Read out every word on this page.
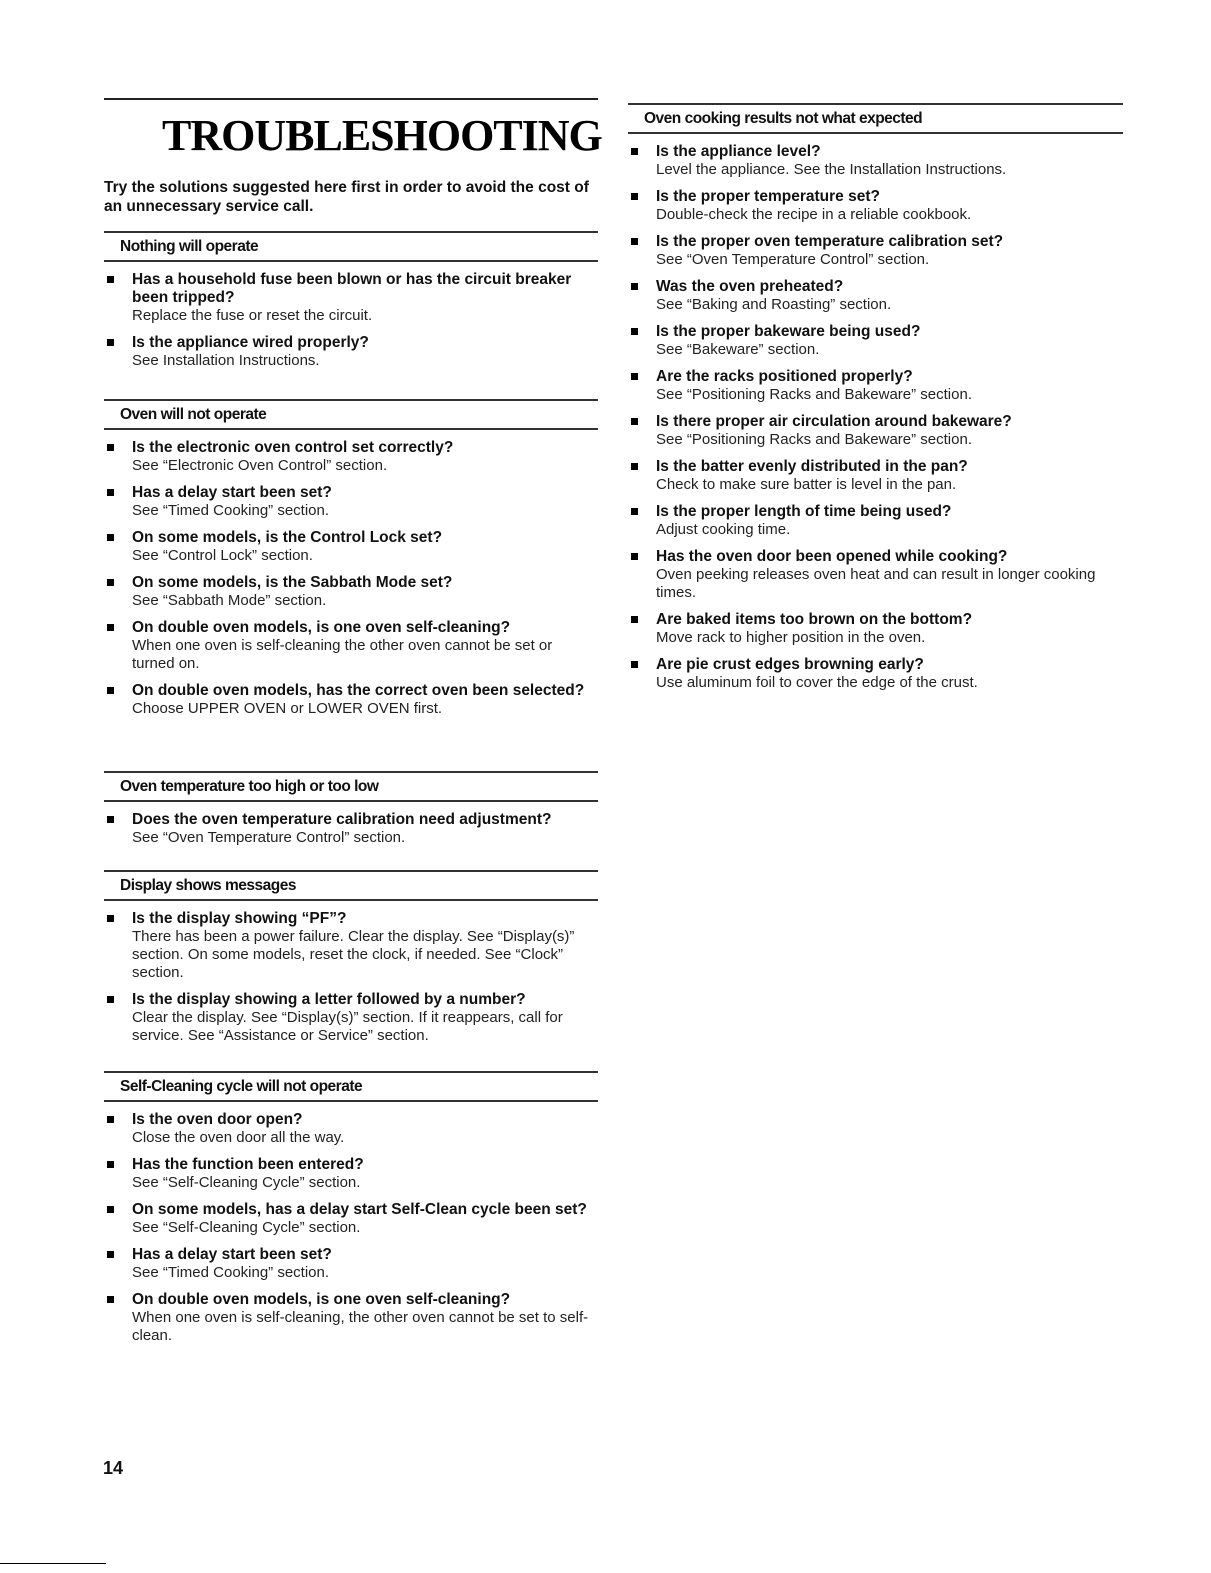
TROUBLESHOOTING
Try the solutions suggested here first in order to avoid the cost of an unnecessary service call.
Nothing will operate
Has a household fuse been blown or has the circuit breaker been tripped?
Replace the fuse or reset the circuit.
Is the appliance wired properly?
See Installation Instructions.
Oven will not operate
Is the electronic oven control set correctly?
See “Electronic Oven Control” section.
Has a delay start been set?
See “Timed Cooking” section.
On some models, is the Control Lock set?
See “Control Lock” section.
On some models, is the Sabbath Mode set?
See “Sabbath Mode” section.
On double oven models, is one oven self-cleaning?
When one oven is self-cleaning the other oven cannot be set or turned on.
On double oven models, has the correct oven been selected?
Choose UPPER OVEN or LOWER OVEN first.
Oven temperature too high or too low
Does the oven temperature calibration need adjustment?
See “Oven Temperature Control” section.
Display shows messages
Is the display showing “PF”?
There has been a power failure. Clear the display. See “Display(s)” section. On some models, reset the clock, if needed. See “Clock” section.
Is the display showing a letter followed by a number?
Clear the display. See “Display(s)” section. If it reappears, call for service. See “Assistance or Service” section.
Self-Cleaning cycle will not operate
Is the oven door open?
Close the oven door all the way.
Has the function been entered?
See “Self-Cleaning Cycle” section.
On some models, has a delay start Self-Clean cycle been set?
See “Self-Cleaning Cycle” section.
Has a delay start been set?
See “Timed Cooking” section.
On double oven models, is one oven self-cleaning?
When one oven is self-cleaning, the other oven cannot be set to self-clean.
Oven cooking results not what expected
Is the appliance level?
Level the appliance. See the Installation Instructions.
Is the proper temperature set?
Double-check the recipe in a reliable cookbook.
Is the proper oven temperature calibration set?
See “Oven Temperature Control” section.
Was the oven preheated?
See “Baking and Roasting” section.
Is the proper bakeware being used?
See “Bakeware” section.
Are the racks positioned properly?
See “Positioning Racks and Bakeware” section.
Is there proper air circulation around bakeware?
See “Positioning Racks and Bakeware” section.
Is the batter evenly distributed in the pan?
Check to make sure batter is level in the pan.
Is the proper length of time being used?
Adjust cooking time.
Has the oven door been opened while cooking?
Oven peeking releases oven heat and can result in longer cooking times.
Are baked items too brown on the bottom?
Move rack to higher position in the oven.
Are pie crust edges browning early?
Use aluminum foil to cover the edge of the crust.
14
